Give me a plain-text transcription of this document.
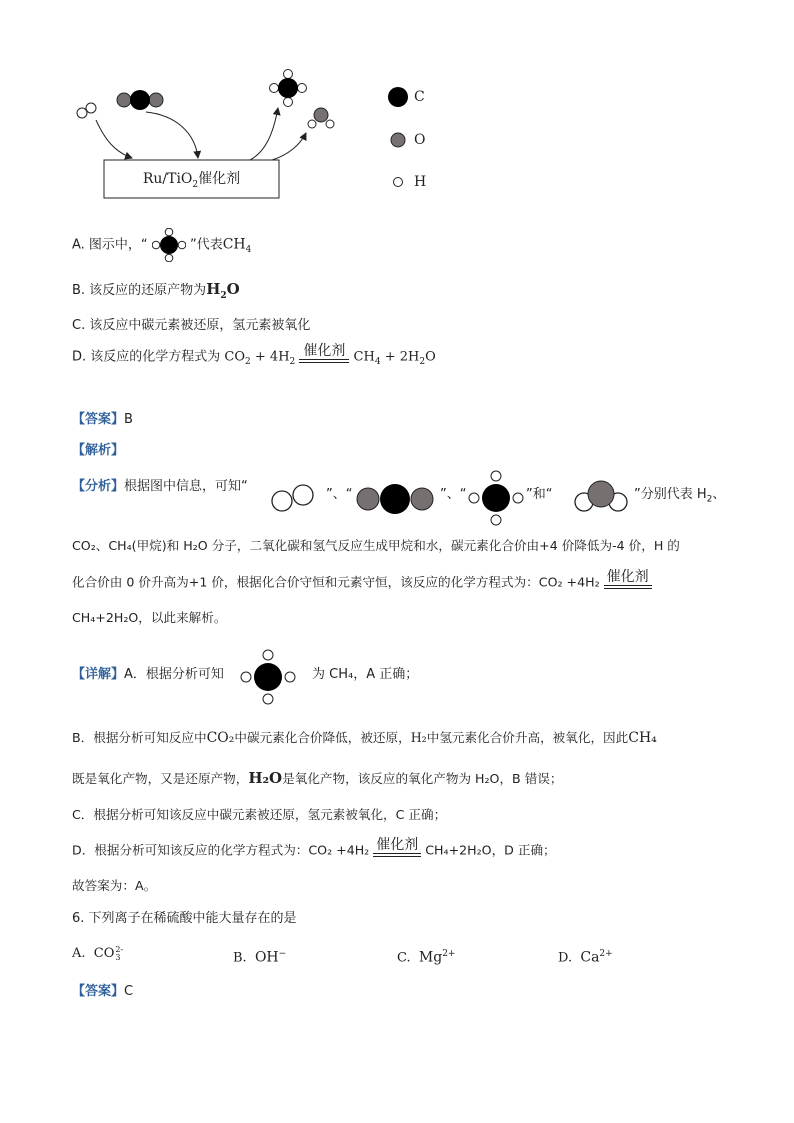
Ru/TiO$_2$催化剂
C
O
H
A. 图示中，“	”代表$CH_4$
B. 该反应的还原产物为$H_2O$
C. 该反应中碳元素被还原，氢元素被氧化
D. 该反应的化学方程式为 $CO_2 + 4H_2$
催化剂 $CH_4 + 2H_2O$
【答案】B
【解析】
【分析】根据图中信息，可知“
”、“	”、“	”和“	”分别代表 $H_2$、
CO₂、CH₄(甲烷)和 H₂O 分子，二氧化碳和氢气反应生成甲烷和水，碳元素化合价由+4 价降低为-4 价，H 的
化合价由 0 价升高为+1 价，根据化合价守恒和元素守恒，该反应的化学方程式为：CO₂ +4H₂ 催化剂
CH₄+2H₂O，以此来解析。
【详解】A．根据分析可知	为 CH₄，A 正确；
B．根据分析可知反应中CO₂中碳元素化合价降低，被还原，H₂中氢元素化合价升高，被氧化，因此CH₄
既是氧化产物，又是还原产物，H₂O是氧化产物，该反应的氧化产物为 H₂O，B 错误；
C．根据分析可知该反应中碳元素被还原，氢元素被氧化，C 正确；
D．根据分析可知该反应的化学方程式为：CO₂ +4H₂ 催化剂 CH₄+2H₂O，D 正确；
故答案为：A。
6. 下列离子在稀硫酸中能大量存在的是
A. CO 2-
3	B. OH−	C. $Mg^{2+}$	D. $Ca^{2+}$
【答案】C
